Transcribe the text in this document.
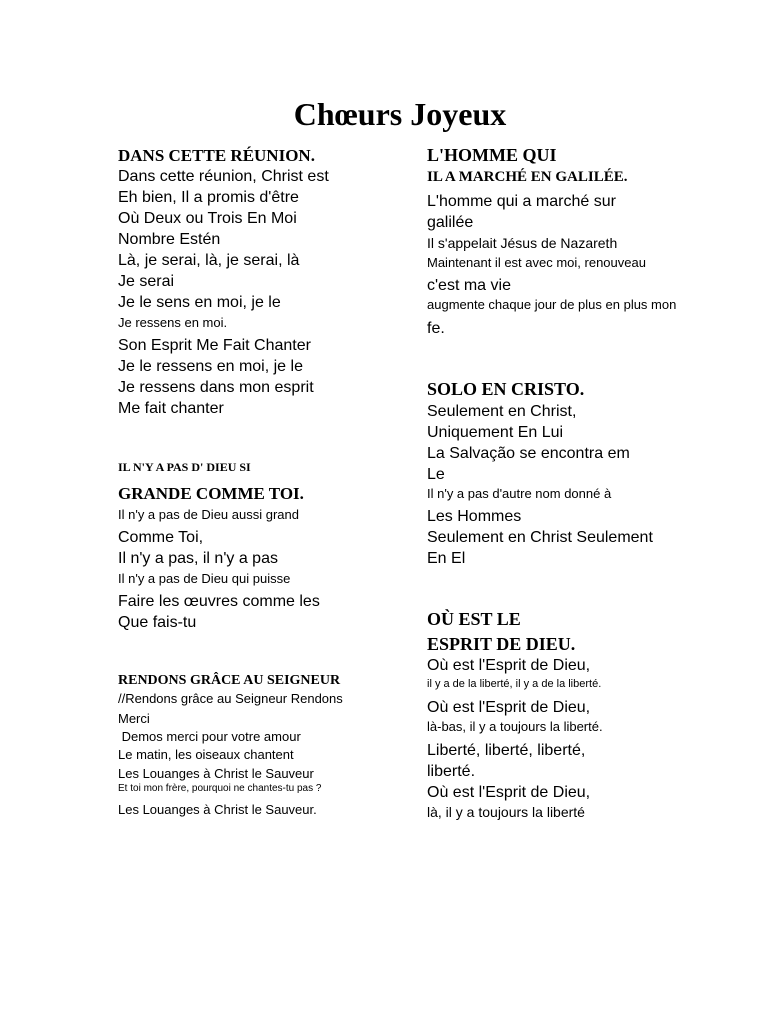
Chœurs Joyeux
DANS CETTE RÉUNION.
Dans cette réunion, Christ est
Eh bien, Il a promis d'être
Où Deux ou Trois En Moi
Nombre Estén
Là, je serai, là, je serai, là
Je serai
Je le sens en moi, je le
Je ressens en moi.
Son Esprit Me Fait Chanter
Je le ressens en moi, je le
Je ressens dans mon esprit
Me fait chanter
IL N'Y A PAS D' DIEU SI
GRANDE COMME TOI.
Il n'y a pas de Dieu aussi grand
Comme Toi,
Il n'y a pas, il n'y a pas
Il n'y a pas de Dieu qui puisse
Faire les œuvres comme les
Que fais-tu
RENDONS GRÂCE AU SEIGNEUR
//Rendons grâce au Seigneur Rendons
Merci
Demos merci pour votre amour
Le matin, les oiseaux chantent
Les Louanges à Christ le Sauveur
Et toi mon frère, pourquoi ne chantes-tu pas ?
Les Louanges à Christ le Sauveur.
L'HOMME QUI
IL A MARCHÉ EN GALILÉE.
L'homme qui a marché sur
galilée
Il s'appelait Jésus de Nazareth
Maintenant il est avec moi, renouveau
c'est ma vie
augmente chaque jour de plus en plus mon
fe.
SOLO EN CRISTO.
Seulement en Christ,
Uniquement En Lui
La Salvação se encontra em
Le
Il n'y a pas d'autre nom donné à
Les Hommes
Seulement en Christ Seulement
En El
OÙ EST LE
ESPRIT DE DIEU.
Où est l'Esprit de Dieu,
il y a de la liberté, il y a de la liberté.
Où est l'Esprit de Dieu,
là-bas, il y a toujours la liberté.
Liberté, liberté, liberté,
liberté.
Où est l'Esprit de Dieu,
là, il y a toujours la liberté
